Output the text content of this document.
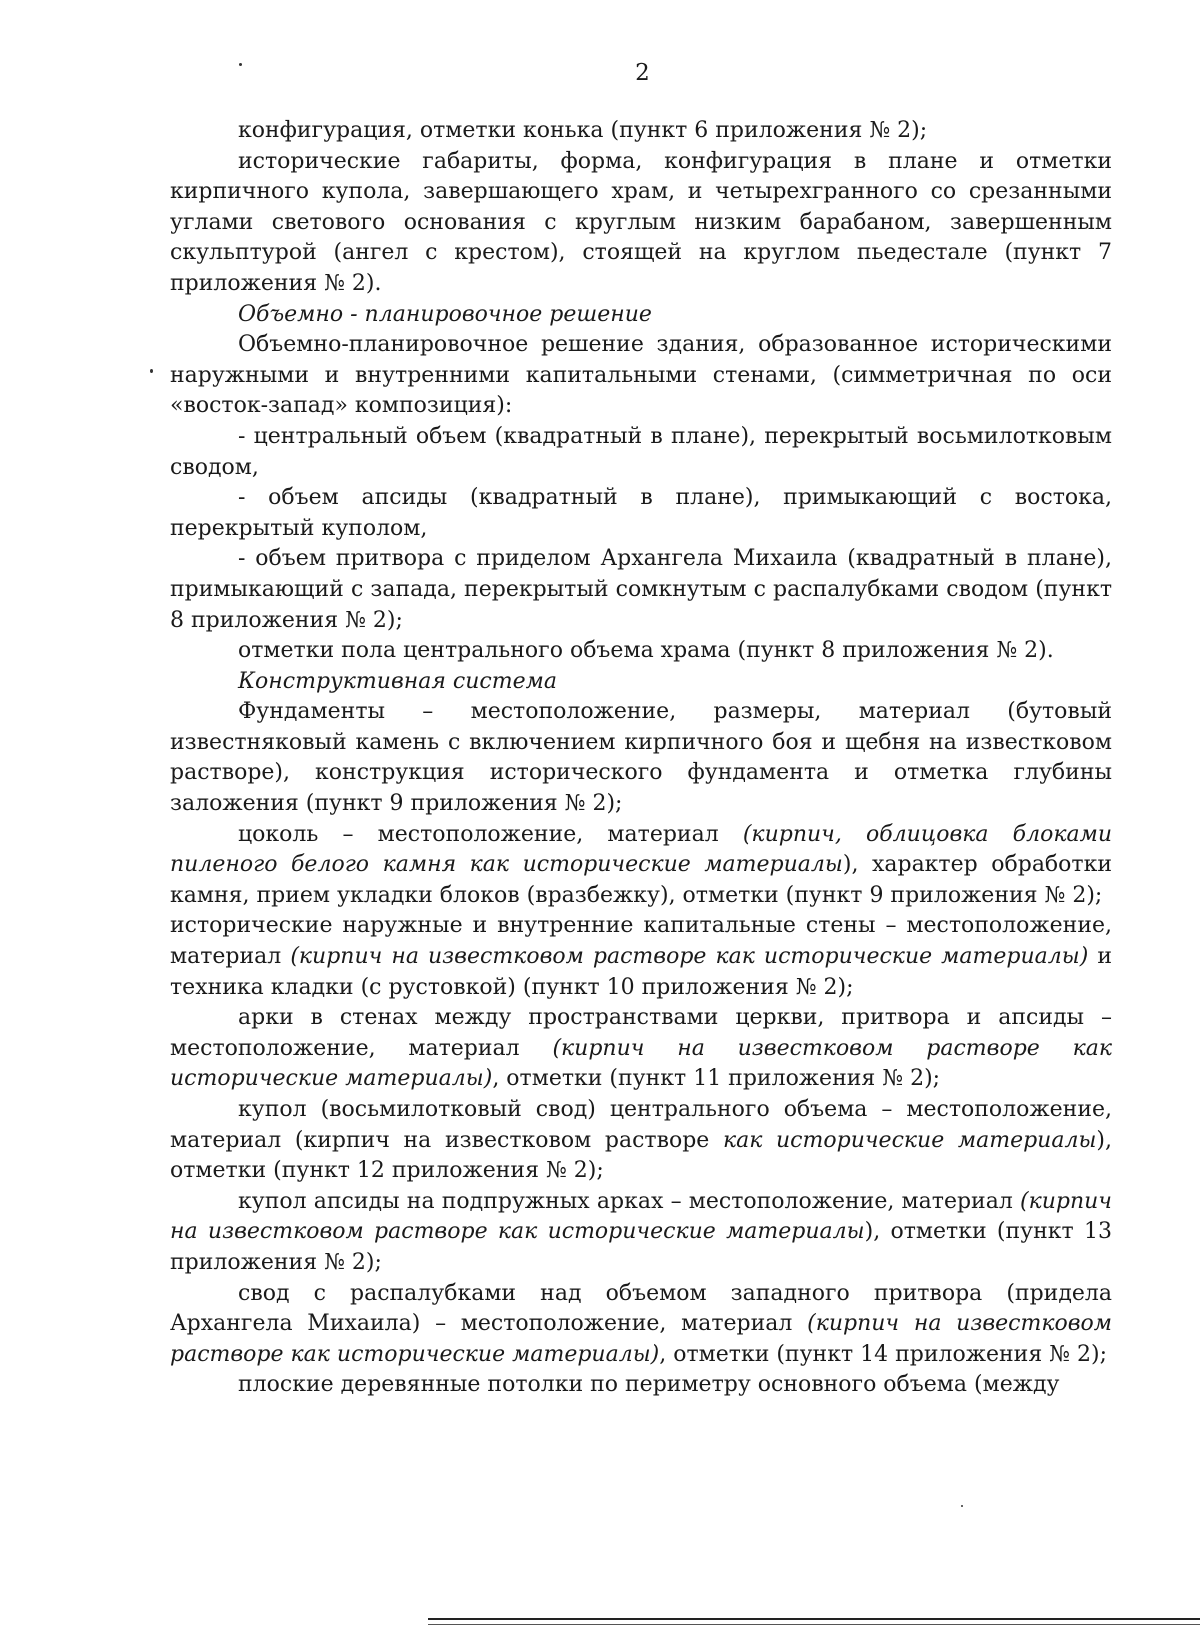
2

конфигурация, отметки конька (пункт 6 приложения № 2);

исторические габариты, форма, конфигурация в плане и отметки кирпичного купола, завершающего храм, и четырехгранного со срезанными углами светового основания с круглым низким барабаном, завершенным скульптурой (ангел с крестом), стоящей на круглом пьедестале (пункт 7 приложения № 2).

Объемно - планировочное решение

Объемно-планировочное решение здания, образованное историческими наружными и внутренними капитальными стенами, (симметричная по оси «восток-запад» композиция):

- центральный объем (квадратный в плане), перекрытый восьмилотковым сводом,

- объем апсиды (квадратный в плане), примыкающий с востока, перекрытый куполом,

- объем притвора с приделом Архангела Михаила (квадратный в плане), примыкающий с запада, перекрытый сомкнутым с распалубками сводом (пункт 8 приложения № 2);

отметки пола центрального объема храма (пункт 8 приложения № 2).

Конструктивная система

Фундаменты – местоположение, размеры, материал (бутовый известняковый камень с включением кирпичного боя и щебня на известковом растворе), конструкция исторического фундамента и отметка глубины заложения (пункт 9 приложения № 2);

цоколь – местоположение, материал (кирпич, облицовка блоками пиленого белого камня как исторические материалы), характер обработки камня, прием укладки блоков (вразбежку), отметки (пункт 9 приложения № 2);

исторические наружные и внутренние капитальные стены – местоположение, материал (кирпич на известковом растворе как исторические материалы) и техника кладки (с рустовкой) (пункт 10 приложения № 2);

арки в стенах между пространствами церкви, притвора и апсиды – местоположение, материал (кирпич на известковом растворе как исторические материалы), отметки (пункт 11 приложения № 2);

купол (восьмилотковый свод) центрального объема – местоположение, материал (кирпич на известковом растворе как исторические материалы), отметки (пункт 12 приложения № 2);

купол апсиды на подпружных арках – местоположение, материал (кирпич на известковом растворе как исторические материалы), отметки (пункт 13 приложения № 2);

свод с распалубками над объемом западного притвора (придела Архангела Михаила) – местоположение, материал (кирпич на известковом растворе как исторические материалы), отметки (пункт 14 приложения № 2);

плоские деревянные потолки по периметру основного объема (между
